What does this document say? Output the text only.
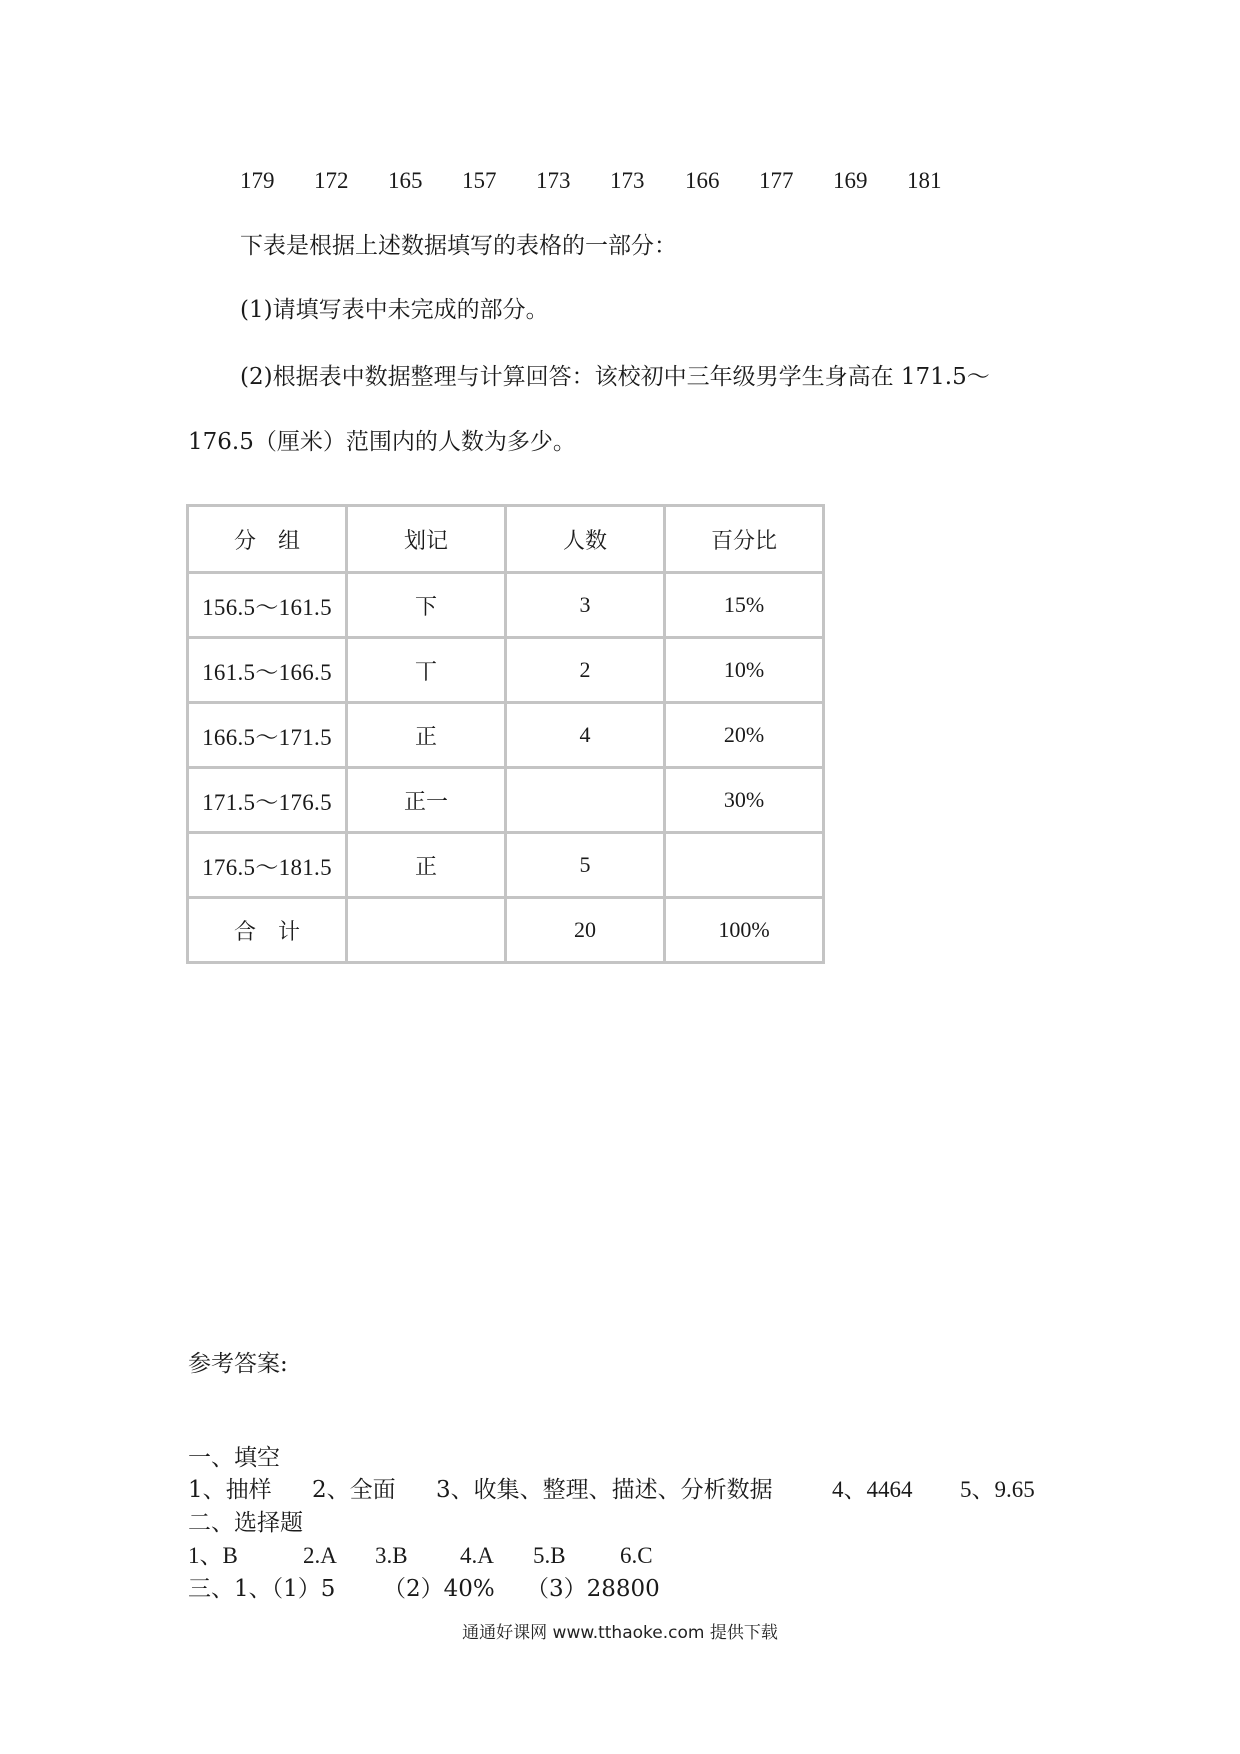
179 172 165 157 173 173 166 177 169 181
下表是根据上述数据填写的表格的一部分：
(1)请填写表中未完成的部分。
(2)根据表中数据整理与计算回答：该校初中三年级男学生身高在 171.5～
176.5（厘米）范围内的人数为多少。
分　组	划记	人数	百分比
156.5～161.5	下	3	15%
161.5～166.5	丅	2	10%
166.5～171.5	正	4	20%
171.5～176.5	正一		30%
176.5～181.5	正	5	
合　计		20	100%
参考答案:
一、填空
1、抽样 2、全面 3、收集、整理、描述、分析数据	4、4464 5、9.65
二、选择题
1、B	2.A 3.B 4.A 5.B 6.C
三、1、（1）5 （2）40% （3）28800
通通好课网 www.tthaoke.com 提供下载
